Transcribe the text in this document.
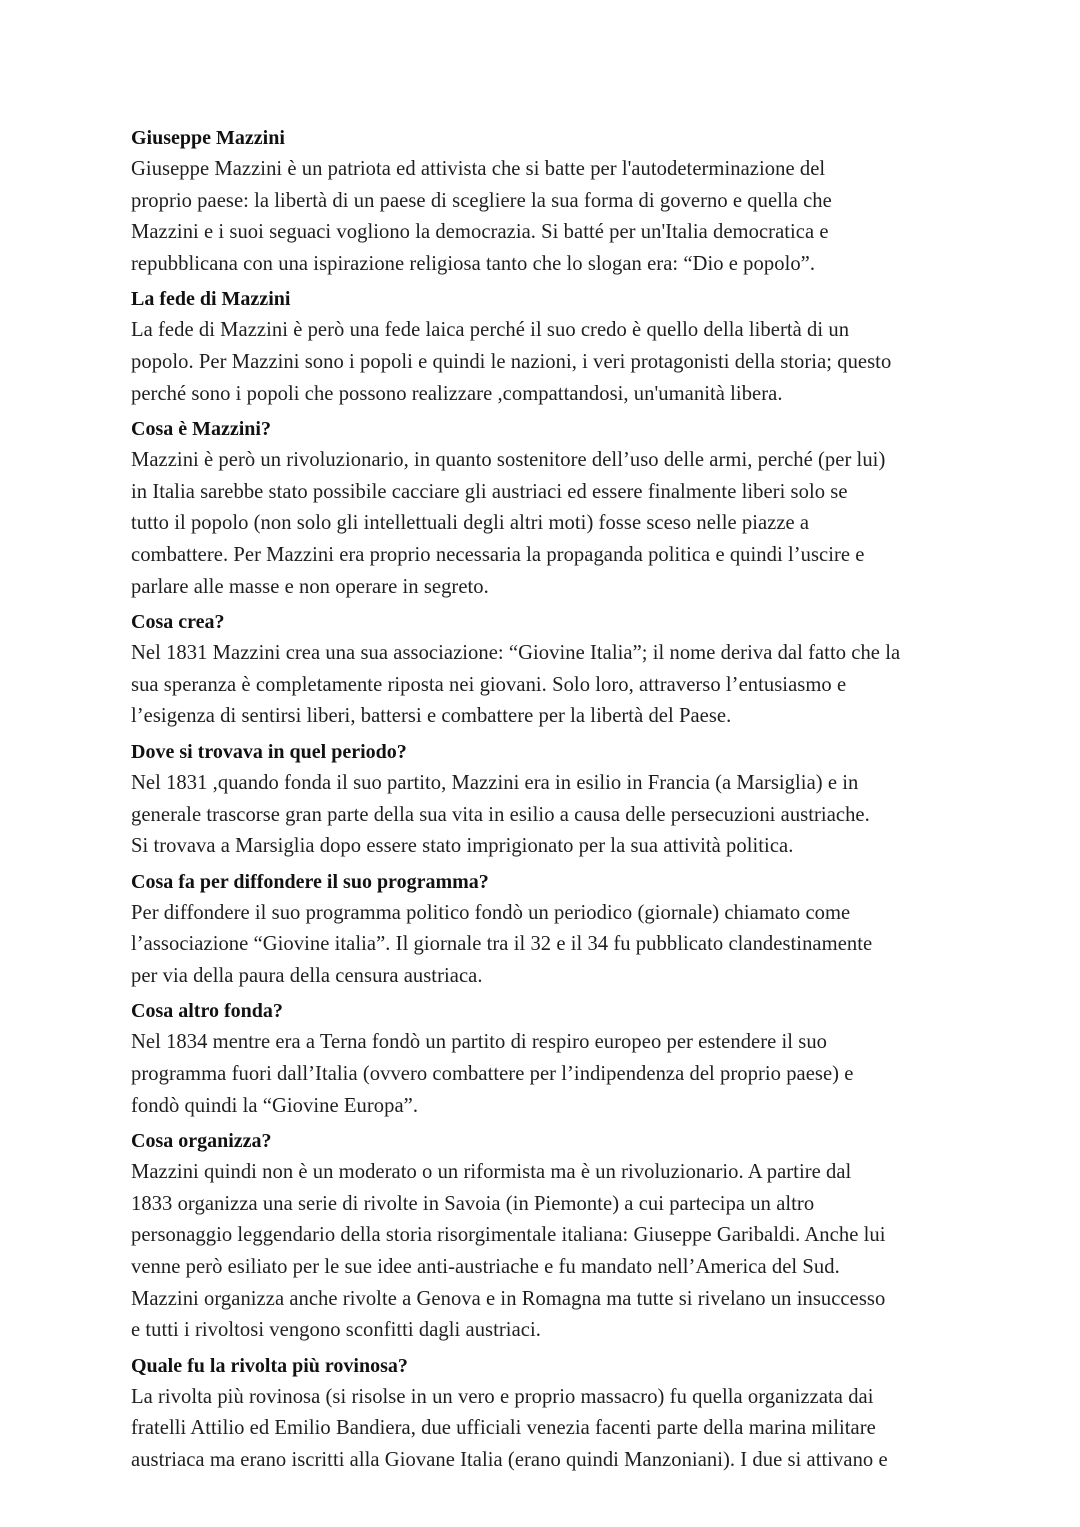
Giuseppe Mazzini

Giuseppe Mazzini è un patriota ed attivista che si batte per l'autodeterminazione del
proprio paese: la libertà di un paese di scegliere la sua forma di governo e quella che
Mazzini e i suoi seguaci vogliono la democrazia. Si batté per un'Italia democratica e
repubblicana con una ispirazione religiosa tanto che lo slogan era: “Dio e popolo”.

La fede di Mazzini

La fede di Mazzini è però una fede laica perché il suo credo è quello della libertà di un
popolo. Per Mazzini sono i popoli e quindi le nazioni, i veri protagonisti della storia; questo
perché sono i popoli che possono realizzare ,compattandosi, un'umanità libera.

Cosa è Mazzini?

Mazzini è però un rivoluzionario, in quanto sostenitore dell’uso delle armi, perché (per lui)
in Italia sarebbe stato possibile cacciare gli austriaci ed essere finalmente liberi solo se
tutto il popolo (non solo gli intellettuali degli altri moti) fosse sceso nelle piazze a
combattere. Per Mazzini era proprio necessaria la propaganda politica e quindi l’uscire e
parlare alle masse e non operare in segreto.

Cosa crea?

Nel 1831 Mazzini crea una sua associazione: “Giovine Italia”; il nome deriva dal fatto che la
sua speranza è completamente riposta nei giovani. Solo loro, attraverso l’entusiasmo e
l’esigenza di sentirsi liberi, battersi e combattere per la libertà del Paese.

Dove si trovava in quel periodo?

Nel 1831 ,quando fonda il suo partito, Mazzini era in esilio in Francia (a Marsiglia) e in
generale trascorse gran parte della sua vita in esilio a causa delle persecuzioni austriache.
Si trovava a Marsiglia dopo essere stato imprigionato per la sua attività politica.

Cosa fa per diffondere il suo programma?

Per diffondere il suo programma politico fondò un periodico (giornale) chiamato come
l’associazione “Giovine italia”. Il giornale tra il 32 e il 34 fu pubblicato clandestinamente
per via della paura della censura austriaca.

Cosa altro fonda?

Nel 1834 mentre era a Terna fondò un partito di respiro europeo per estendere il suo
programma fuori dall’Italia (ovvero combattere per l’indipendenza del proprio paese) e
fondò quindi la “Giovine Europa”.

Cosa organizza?

Mazzini quindi non è un moderato o un riformista ma è un rivoluzionario. A partire dal
1833 organizza una serie di rivolte in Savoia (in Piemonte) a cui partecipa un altro
personaggio leggendario della storia risorgimentale italiana: Giuseppe Garibaldi. Anche lui
venne però esiliato per le sue idee anti-austriache e fu mandato nell’America del Sud.
Mazzini organizza anche rivolte a Genova e in Romagna ma tutte si rivelano un insuccesso
e tutti i rivoltosi vengono sconfitti dagli austriaci.

Quale fu la rivolta più rovinosa?

La rivolta più rovinosa (si risolse in un vero e proprio massacro) fu quella organizzata dai
fratelli Attilio ed Emilio Bandiera, due ufficiali venezia facenti parte della marina militare
austriaca ma erano iscritti alla Giovane Italia (erano quindi Manzoniani). I due si attivano e
